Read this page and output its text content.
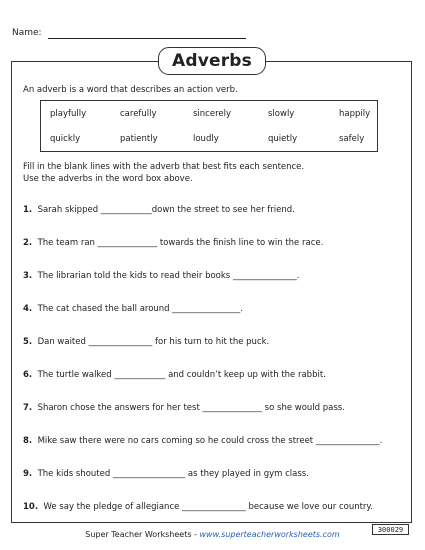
Name:
Adverbs
An adverb is a word that describes an action verb.
playfully	carefully	sincerely	slowly	happily
quickly	patiently	loudly	quietly	safely
Fill in the blank lines with the adverb that best fits each sentence.
Use the adverbs in the word box above.
1. Sarah skipped ____________down the street to see her friend.
2. The team ran ______________ towards the finish line to win the race.
3. The librarian told the kids to read their books _______________.
4. The cat chased the ball around ________________.
5. Dan waited _______________ for his turn to hit the puck.
6. The turtle walked ____________ and couldn’t keep up with the rabbit.
7. Sharon chose the answers for her test ______________ so she would pass.
8. Mike saw there were no cars coming so he could cross the street _______________.
9. The kids shouted _________________ as they played in gym class.
10. We say the pledge of allegiance _______________ because we love our country.
Super Teacher Worksheets - www.superteacherworksheets.com
300029
